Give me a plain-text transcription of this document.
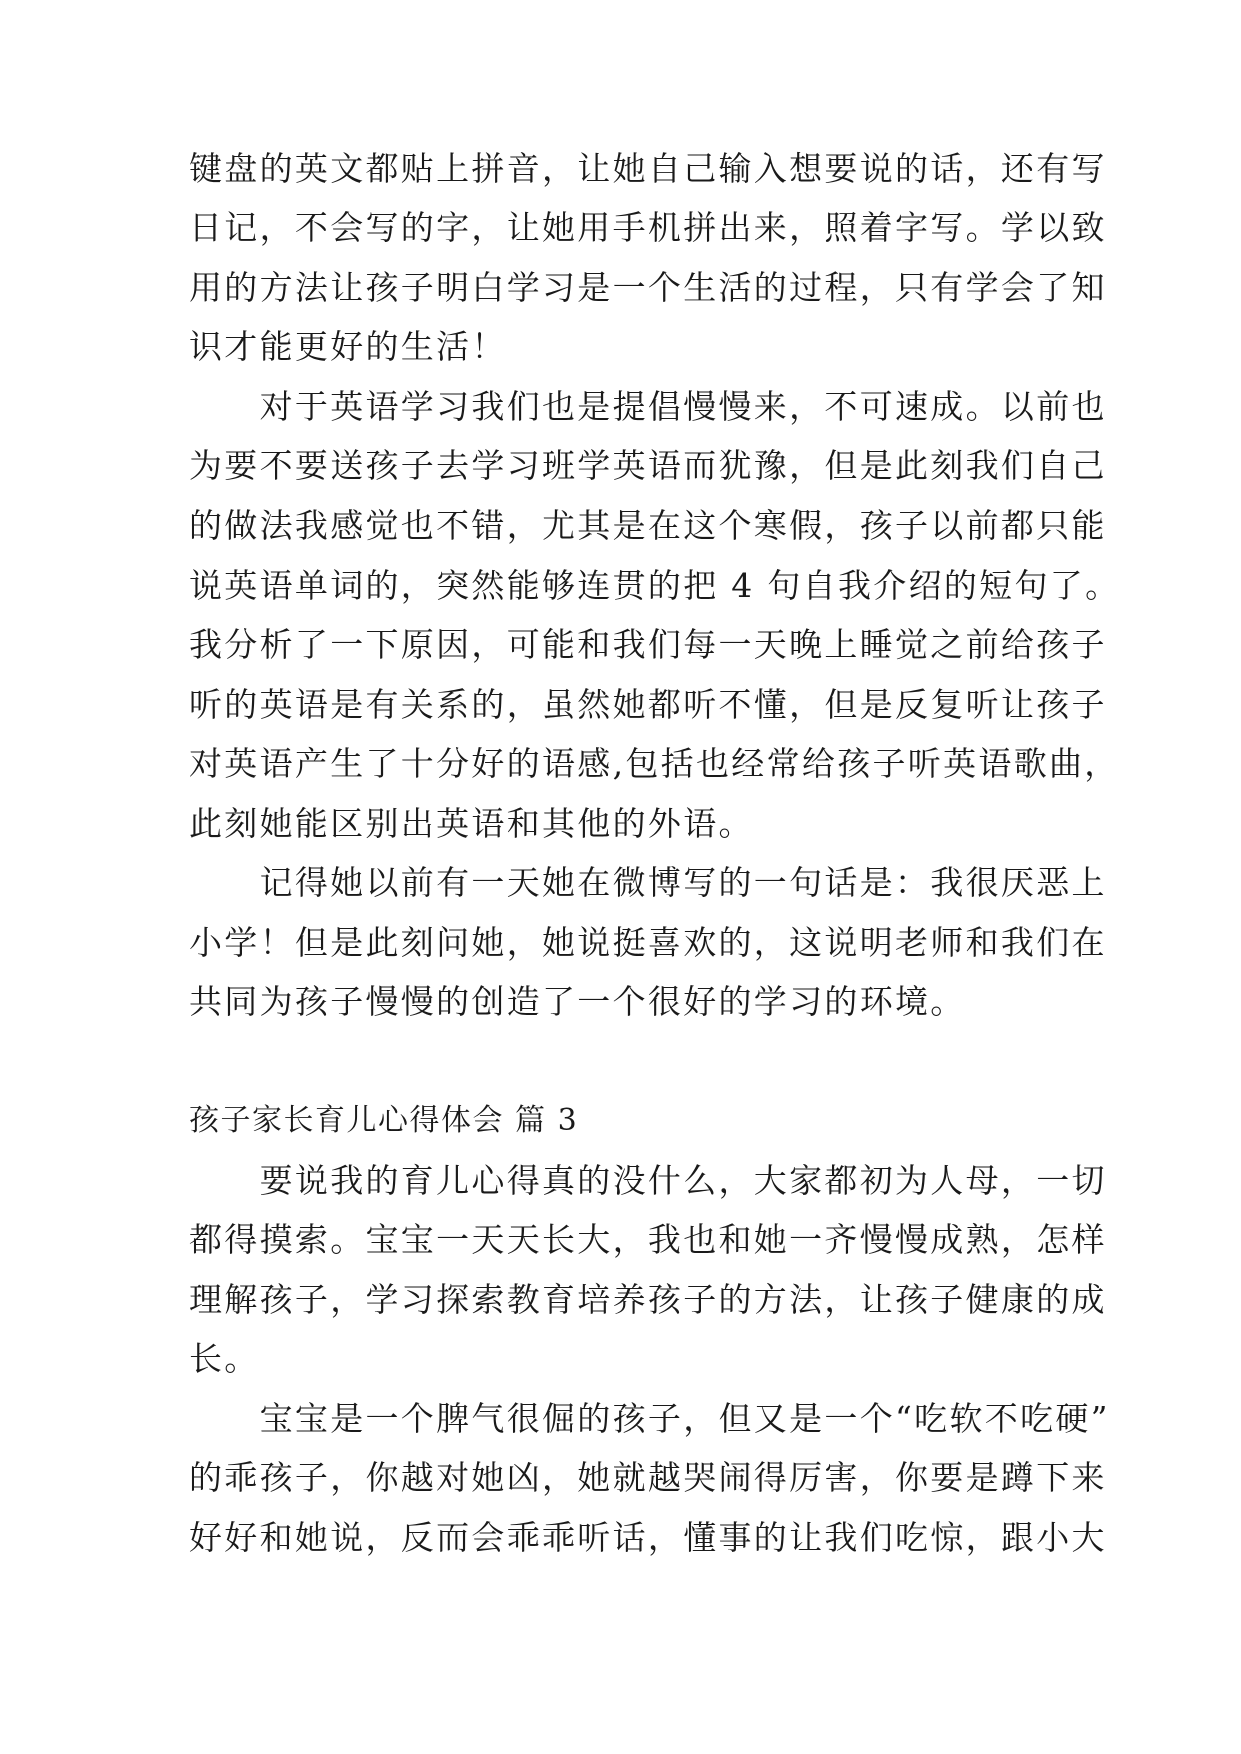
键盘的英文都贴上拼音，让她自己输入想要说的话，还有写
日记，不会写的字，让她用手机拼出来，照着字写。学以致
用的方法让孩子明白学习是一个生活的过程，只有学会了知
识才能更好的生活！
　　对于英语学习我们也是提倡慢慢来，不可速成。以前也
为要不要送孩子去学习班学英语而犹豫，但是此刻我们自己
的做法我感觉也不错，尤其是在这个寒假，孩子以前都只能
说英语单词的，突然能够连贯的把 4 句自我介绍的短句了。
我分析了一下原因，可能和我们每一天晚上睡觉之前给孩子
听的英语是有关系的，虽然她都听不懂，但是反复听让孩子
对英语产生了十分好的语感,包括也经常给孩子听英语歌曲，
此刻她能区别出英语和其他的外语。
　　记得她以前有一天她在微博写的一句话是：我很厌恶上
小学！但是此刻问她，她说挺喜欢的，这说明老师和我们在
共同为孩子慢慢的创造了一个很好的学习的环境。
孩子家长育儿心得体会 篇 3
　　要说我的育儿心得真的没什么，大家都初为人母，一切
都得摸索。宝宝一天天长大，我也和她一齐慢慢成熟，怎样
理解孩子，学习探索教育培养孩子的方法，让孩子健康的成
长。
　　宝宝是一个脾气很倔的孩子，但又是一个“吃软不吃硬”
的乖孩子，你越对她凶，她就越哭闹得厉害，你要是蹲下来
好好和她说，反而会乖乖听话，懂事的让我们吃惊，跟小大
